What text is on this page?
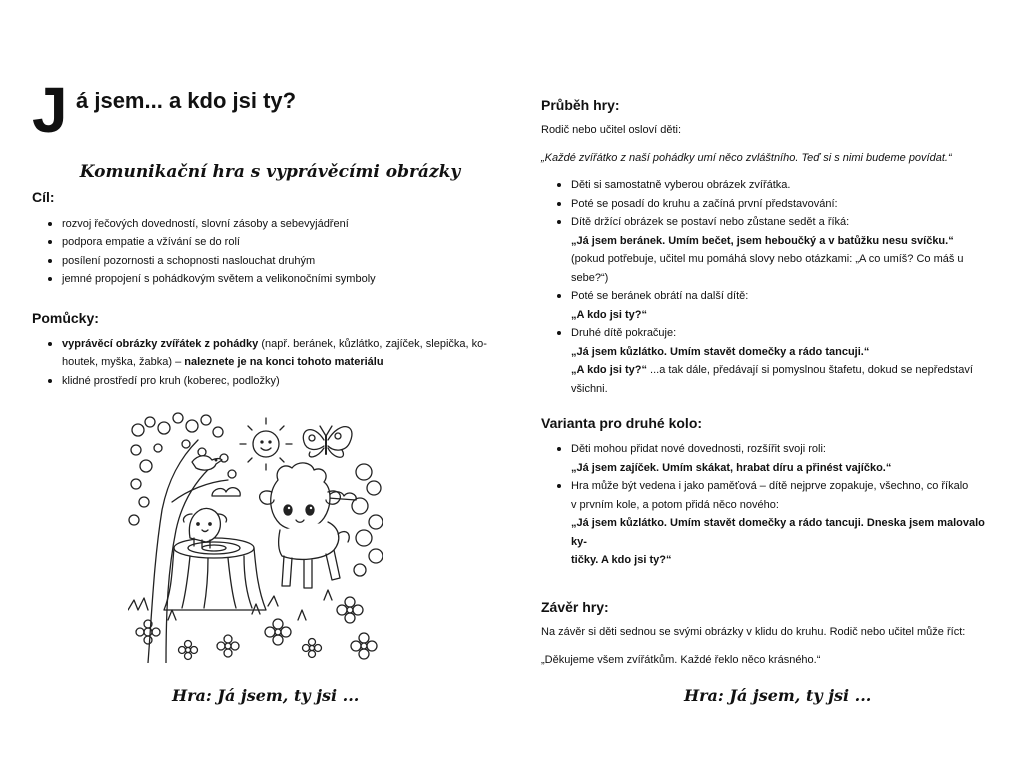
J á jsem... a kdo jsi ty?
Komunikační hra s vyprávěcími obrázky
Cíl:
rozvoj řečových dovedností, slovní zásoby a sebevyjádření
podpora empatie a vžívání se do rolí
posílení pozornosti a schopnosti naslouchat druhým
jemné propojení s pohádkovým světem a velikonočními symboly
Pomůcky:
vyprávěcí obrázky zvířátek z pohádky (např. beránek, kůzlátko, zajíček, slepička, ko-
houtek, myška, žabka) – naleznete je na konci tohoto materiálu
klidné prostředí pro kruh (koberec, podložky)
Hra: Já jsem, ty jsi ...
Průběh hry:

Rodič nebo učitel osloví děti:

„Každé zvířátko z naší pohádky umí něco zvláštního. Teď si s nimi budeme povídat.“

Děti si samostatně vyberou obrázek zvířátka.
Poté se posadí do kruhu a začíná první představování:
Dítě držící obrázek se postaví nebo zůstane sedět a říká:
„Já jsem beránek. Umím bečet, jsem heboučký a v batůžku nesu svíčku.“
(pokud potřebuje, učitel mu pomáhá slovy nebo otázkami: „A co umíš? Co máš u
sebe?“)
Poté se beránek obrátí na další dítě:
„A kdo jsi ty?“
Druhé dítě pokračuje:
„Já jsem kůzlátko. Umím stavět domečky a rádo tancuji.“
„A kdo jsi ty?“ ...a tak dále, předávají si pomyslnou štafetu, dokud se nepředstaví
všichni.
Varianta pro druhé kolo:
Děti mohou přidat nové dovednosti, rozšířit svoji roli:
„Já jsem zajíček. Umím skákat, hrabat díru a přinést vajíčko.“
Hra může být vedena i jako paměťová – dítě nejprve zopakuje, všechno, co říkalo
v prvním kole, a potom přidá něco nového:
„Já jsem kůzlátko. Umím stavět domečky a rádo tancuji. Dneska jsem malovalo ky-
tičky. A kdo jsi ty?“
Závěr hry:

Na závěr si děti sednou se svými obrázky v klidu do kruhu. Rodič nebo učitel může říct:

„Děkujeme všem zvířátkům. Každé řeklo něco krásného.“

Hra: Já jsem, ty jsi ...
